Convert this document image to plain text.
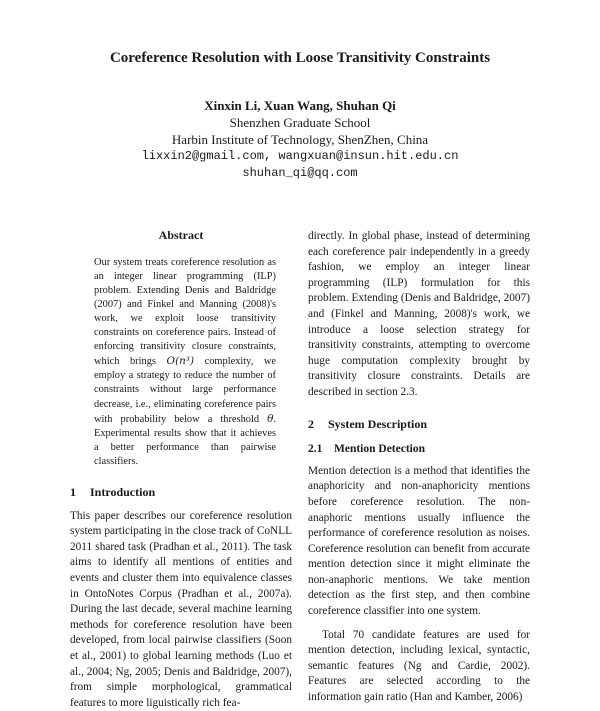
Coreference Resolution with Loose Transitivity Constraints
Xinxin Li, Xuan Wang, Shuhan Qi
Shenzhen Graduate School
Harbin Institute of Technology, ShenZhen, China
lixxin2@gmail.com, wangxuan@insun.hit.edu.cn
shuhan_qi@qq.com
Abstract

Our system treats coreference resolution as an integer linear programming (ILP) problem. Extending Denis and Baldridge (2007) and Finkel and Manning (2008)'s work, we exploit loose transitivity constraints on coreference pairs. Instead of enforcing transitivity closure constraints, which brings O(n³) complexity, we employ a strategy to reduce the number of constraints without large performance decrease, i.e., eliminating coreference pairs with probability below a threshold θ. Experimental results show that it achieves a better performance than pairwise classifiers.

1 Introduction

This paper describes our coreference resolution system participating in the close track of CoNLL 2011 shared task (Pradhan et al., 2011). The task aims to identify all mentions of entities and events and cluster them into equivalence classes in OntoNotes Corpus (Pradhan et al., 2007a). During the last decade, several machine learning methods for coreference resolution have been developed, from local pairwise classifiers (Soon et al., 2001) to global learning methods (Luo et al., 2004; Ng, 2005; Denis and Baldridge, 2007), from simple morphological, grammatical features to more liguistically rich fea-

directly. In global phase, instead of determining each coreference pair independently in a greedy fashion, we employ an integer linear programming (ILP) formulation for this problem. Extending (Denis and Baldridge, 2007) and (Finkel and Manning, 2008)'s work, we introduce a loose selection strategy for transitivity constraints, attempting to overcome huge computation complexity brought by transitivity closure constraints. Details are described in section 2.3.

2 System Description
2.1 Mention Detection

Mention detection is a method that identifies the anaphoricity and non-anaphoricity mentions before coreference resolution. The non-anaphoric mentions usually influence the performance of coreference resolution as noises. Coreference resolution can benefit from accurate mention detection since it might eliminate the non-anaphoric mentions. We take mention detection as the first step, and then combine coreference classifier into one system.

Total 70 candidate features are used for mention detection, including lexical, syntactic, semantic features (Ng and Cardie, 2002). Features are selected according to the information gain ratio (Han and Kamber, 2006)
